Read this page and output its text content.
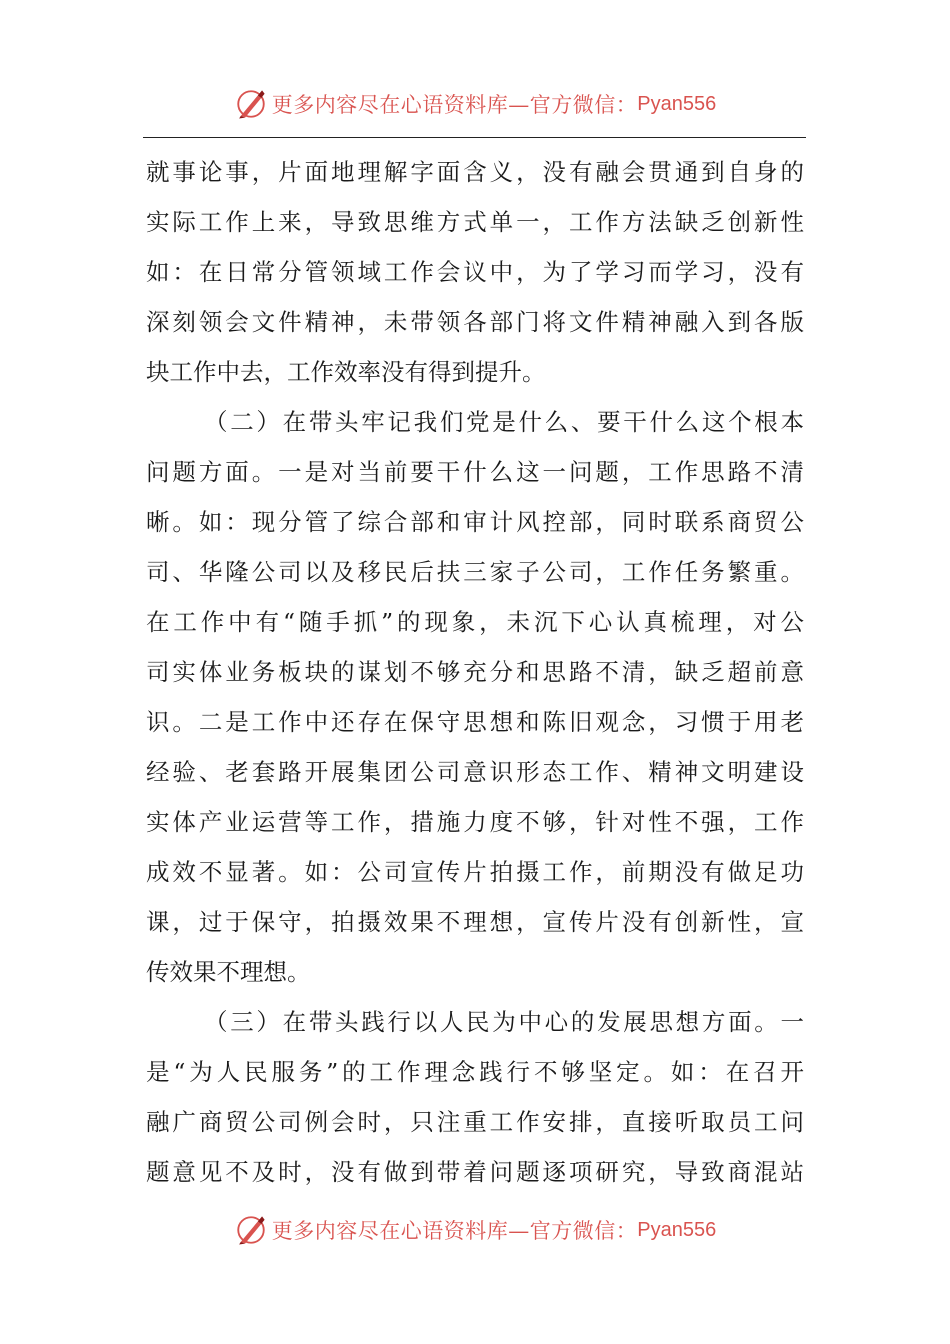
更多内容尽在心语资料库—官方微信： Pyan556
就事论事，片面地理解字面含义，没有融会贯通到自身的
实际工作上来，导致思维方式单一，工作方法缺乏创新性
如：在日常分管领域工作会议中，为了学习而学习，没有
深刻领会文件精神，未带领各部门将文件精神融入到各版
块工作中去，工作效率没有得到提升。
（二）在带头牢记我们党是什么、要干什么这个根本
问题方面。一是对当前要干什么这一问题，工作思路不清
晰。如：现分管了综合部和审计风控部，同时联系商贸公
司、华隆公司以及移民后扶三家子公司，工作任务繁重。
在工作中有“随手抓”的现象，未沉下心认真梳理，对公
司实体业务板块的谋划不够充分和思路不清，缺乏超前意
识。二是工作中还存在保守思想和陈旧观念，习惯于用老
经验、老套路开展集团公司意识形态工作、精神文明建设
实体产业运营等工作，措施力度不够，针对性不强，工作
成效不显著。如：公司宣传片拍摄工作，前期没有做足功
课，过于保守，拍摄效果不理想，宣传片没有创新性，宣
传效果不理想。
（三）在带头践行以人民为中心的发展思想方面。一
是“为人民服务”的工作理念践行不够坚定。如：在召开
融广商贸公司例会时，只注重工作安排，直接听取员工问
题意见不及时，没有做到带着问题逐项研究，导致商混站
更多内容尽在心语资料库—官方微信： Pyan556
